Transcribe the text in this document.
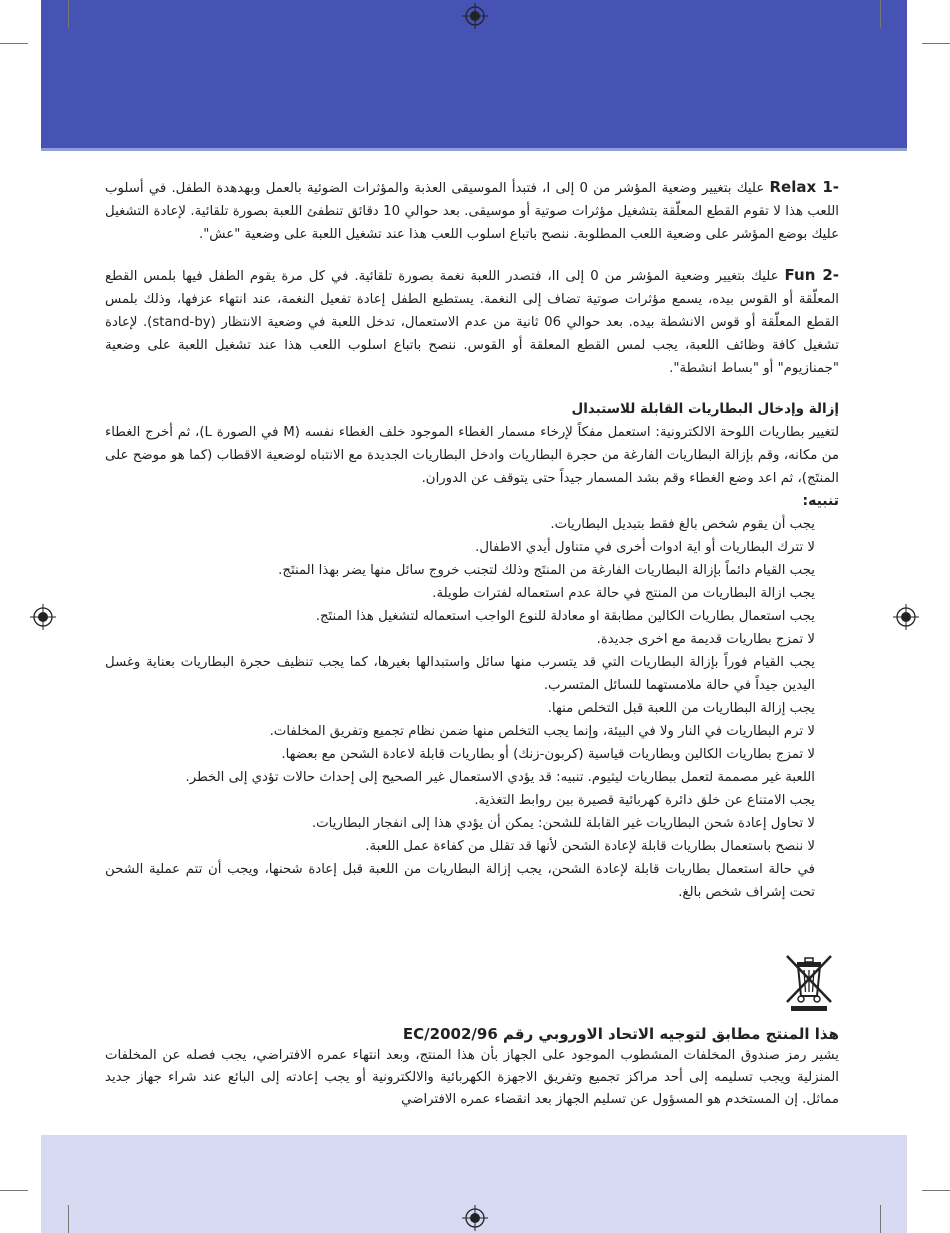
Relax 1- عليك بتغيير وضعية المؤشر من 0 إلى I، فتبدأ الموسيقى العذبة والمؤثرات الضوئية بالعمل وبهدهدة الطفل. في أسلوب اللعب هذا لا تقوم القطع المعلّقة بتشغيل مؤثرات صوتية أو موسيقى. بعد حوالي 10 دقائق تنطفئ اللعبة بصورة تلقائية. لإعادة التشغيل عليك بوضع المؤشر على وضعية اللعب المطلوبة. ننصح باتباع اسلوب اللعب هذا عند تشغيل اللعبة على وضعية "عش".

Fun 2- عليك بتغيير وضعية المؤشر من 0 إلى II، فتصدر اللعبة نغمة بصورة تلقائية. في كل مرة يقوم الطفل فيها بلمس القطع المعلّقة أو القوس بيده، يسمع مؤثرات صوتية تضاف إلى النغمة. يستطيع الطفل إعادة تفعيل النغمة، عند انتهاء عزفها، وذلك بلمس القطع المعلّقة أو قوس الانشطة بيده. بعد حوالي 06 ثانية من عدم الاستعمال، تدخل اللعبة في وضعية الانتظار (stand-by). لإعادة تشغيل كافة وظائف اللعبة، يجب لمس القطع المعلقة أو القوس. ننصح باتباع اسلوب اللعب هذا عند تشغيل اللعبة على وضعية "جمنازيوم" أو "بساط انشطة".

إزالة وإدخال البطاريات القابلة للاستبدال

لتغيير بطاريات اللوحة الالكترونية: استعمل مفكاً لإرخاء مسمار الغطاء الموجود خلف الغطاء نفسه (M في الصورة L)، ثم أخرج الغطاء من مكانه، وقم بإزالة البطاريات الفارغة من حجرة البطاريات وادخل البطاريات الجديدة مع الانتباه لوضعية الاقطاب (كما هو موضح على المنتَج)، ثم اعد وضع الغطاء وقم بشد المسمار جيداً حتى يتوقف عن الدوران.

تنبيه:

يجب أن يقوم شخص بالغ فقط بتبديل البطاريات.
لا تترك البطاريات أو اية ادوات أخرى في متناول أيدي الاطفال.
يجب القيام دائماً بإزالة البطاريات الفارغة من المنتَج وذلك لتجنب خروج سائل منها يضر بهذا المنتَج.
يجب ازالة البطاريات من المنتج في حالة عدم استعماله لفترات طويلة.
يجب استعمال بطاريات الكالين مطابقة او معادلة للنوع الواجب استعماله لتشغيل هذا المنتَج.
لا تمزج بطاريات قديمة مع اخرى جديدة.
يجب القيام فوراً بإزالة البطاريات التي قد يتسرب منها سائل واستبدالها بغيرها، كما يجب تنظيف حجرة البطاريات بعناية وغسل اليدين جيداً في حالة ملامستهما للسائل المتسرب.
يجب إزالة البطاريات من اللعبة قبل التخلص منها.
لا ترم البطاريات في النار ولا في البيئة، وإنما يجب التخلص منها ضمن نظام تجميع وتفريق المخلفات.
لا تمزج بطاريات الكالين وبطاريات قياسية (كربون-زنك) أو بطاريات قابلة لاعادة الشحن مع بعضها.
اللعبة غير مصممة لتعمل ببطاريات ليثيوم. تنبيه: قد يؤدي الاستعمال غير الصحيح إلى إحداث حالات تؤدي إلى الخطر.
يجب الامتناع عن خلق دائرة كهربائية قصيرة بين روابط التغذية.
لا تحاول إعادة شحن البطاريات غير القابلة للشحن: يمكن أن يؤدي هذا إلى انفجار البطاريات.
لا ننصح باستعمال بطاريات قابلة لإعادة الشحن لأنها قد تقلل من كفاءة عمل اللعبة.
في حالة استعمال بطاريات قابلة لإعادة الشحن، يجب إزالة البطاريات من اللعبة قبل إعادة شحنها، ويجب أن تتم عملية الشحن تحت إشراف شخص بالغ.
هذا المنتج مطابق لتوجيه الاتحاد الاوروبي رقم 2002/96/EC
يشير رمز صندوق المخلفات المشطوب الموجود على الجهاز بأن هذا المنتج، وبعد انتهاء عمره الافتراضي، يجب فصله عن المخلفات المنزلية ويجب تسليمه إلى أحد مراكز تجميع وتفريق الاجهزة الكهربائية والالكترونية أو يجب إعادته إلى البائع عند شراء جهاز جديد مماثل. إن المستخدم هو المسؤول عن تسليم الجهاز بعد انقضاء عمره الافتراضي
